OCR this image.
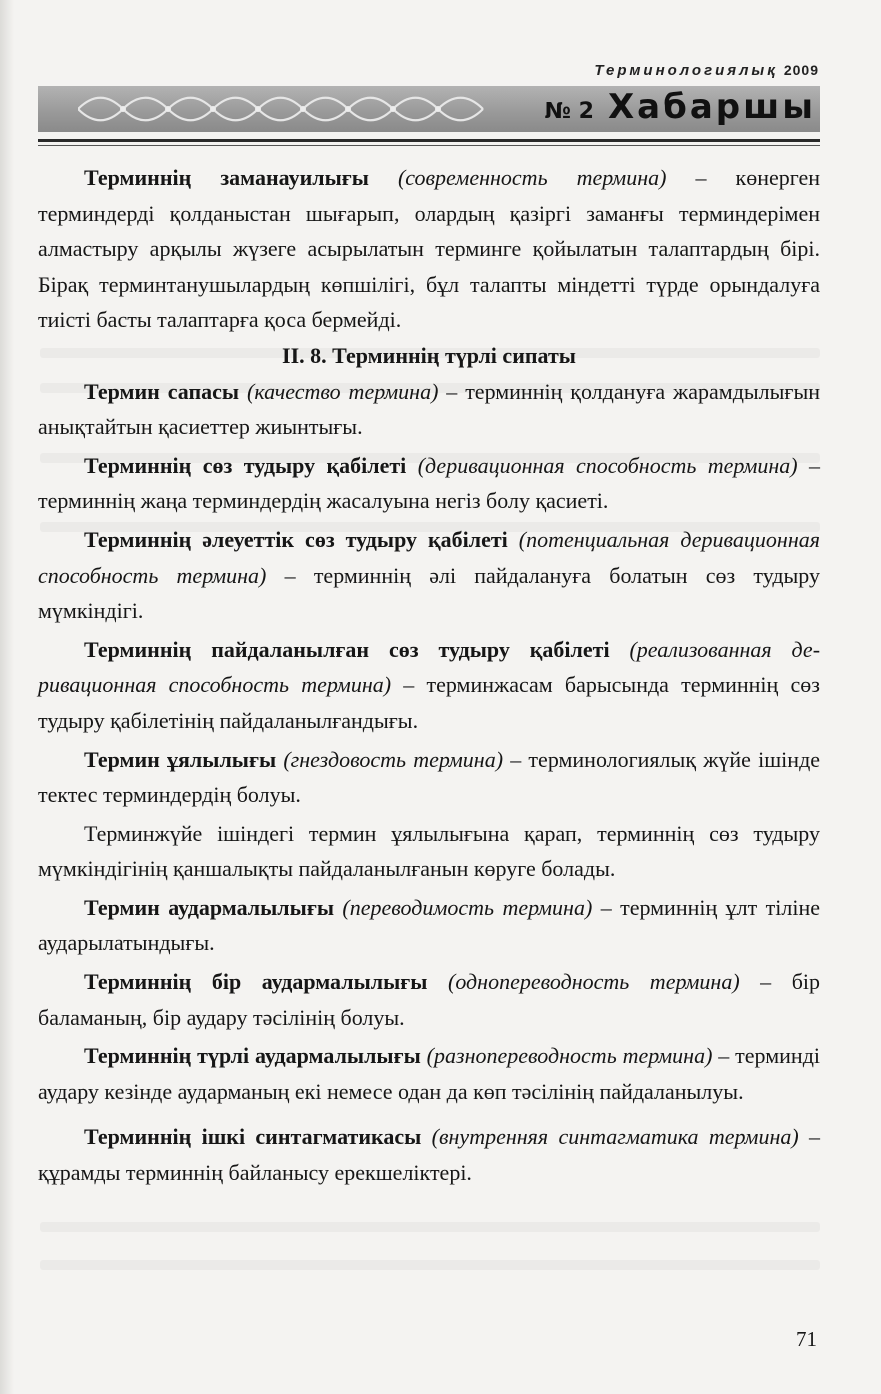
Терминологиялық 2009
№ 2 Хабаршы

Терминнің заманауилығы (современность термина) – көнерген терминдерді қолданыстан шығарып, олардың қазіргі заманғы терминдерімен алмастыру арқылы жүзеге асырылатын терминге қойылатын талаптардың бірі. Бірақ терминтанушылардың көпшілігі, бұл талапты міндетті түрде орындалуға тиісті басты талаптарға қоса бермейді.

II. 8. Терминнің түрлі сипаты

Термин сапасы (качество термина) – терминнің қолдануға жарамдылығын анықтайтын қасиеттер жиынтығы.

Терминнің сөз тудыру қабілеті (деривационная способность термина) – терминнің жаңа терминдердің жасалуына негіз болу қасиеті.

Терминнің әлеуеттік сөз тудыру қабілеті (потенциальная деривационная способность термина) – терминнің әлі пайдалануға болатын сөз тудыру мүмкіндігі.

Терминнің пайдаланылған сөз тудыру қабілеті (реализованная деривационная способность термина) – терминжасам барысында терминнің сөз тудыру қабілетінің пайдаланылғандығы.

Термин ұялылығы (гнездовость термина) – терминологиялық жүйе ішінде тектес терминдердің болуы.

Терминжүйе ішіндегі термин ұялылығына қарап, терминнің сөз тудыру мүмкіндігінің қаншалықты пайдаланылғанын көруге болады.

Термин аудармалылығы (переводимость термина) – терминнің ұлт тіліне аударылатындығы.

Терминнің бір аудармалылығы (однопереводность термина) – бір баламаның, бір аудару тәсілінің болуы.

Терминнің түрлі аудармалылығы (разнопереводность термина) – терминді аудару кезінде аударманың екі немесе одан да көп тәсілінің пайдаланылуы.

Терминнің ішкі синтагматикасы (внутренняя синтагматика термина) – құрамды терминнің байланысу ерекшеліктері.

71
